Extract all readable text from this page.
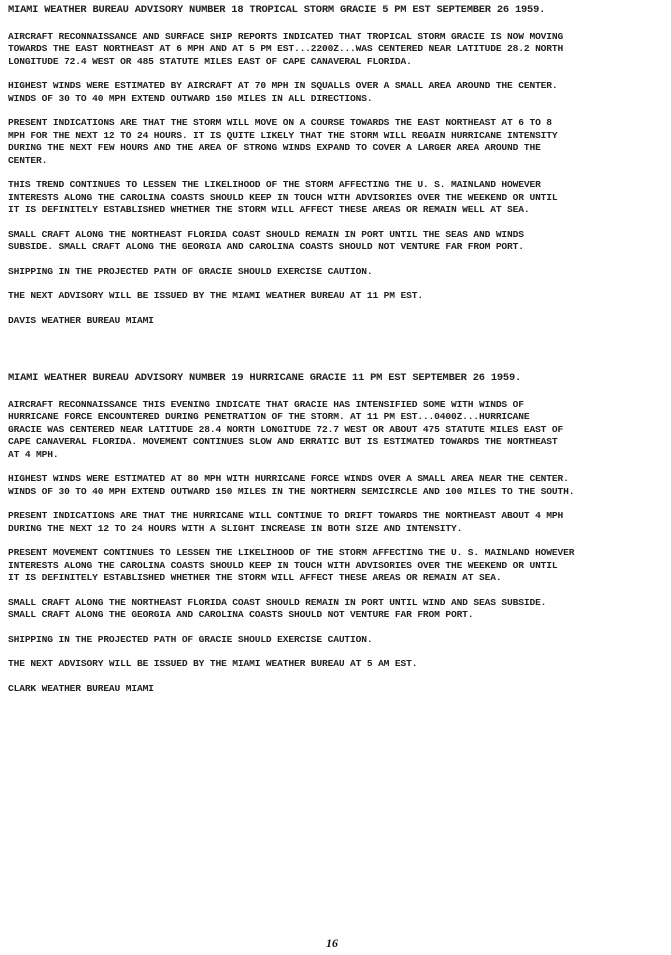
MIAMI WEATHER BUREAU ADVISORY NUMBER 18 TROPICAL STORM GRACIE 5 PM EST SEPTEMBER 26 1959.

AIRCRAFT RECONNAISSANCE AND SURFACE SHIP REPORTS INDICATED THAT TROPICAL STORM GRACIE IS NOW MOVING
TOWARDS THE EAST NORTHEAST AT 6 MPH AND AT 5 PM EST...2200Z...WAS CENTERED NEAR LATITUDE 28.2 NORTH
LONGITUDE 72.4 WEST OR 485 STATUTE MILES EAST OF CAPE CANAVERAL FLORIDA.

HIGHEST WINDS WERE ESTIMATED BY AIRCRAFT AT 70 MPH IN SQUALLS OVER A SMALL AREA AROUND THE CENTER.
WINDS OF 30 TO 40 MPH EXTEND OUTWARD 150 MILES IN ALL DIRECTIONS.

PRESENT INDICATIONS ARE THAT THE STORM WILL MOVE ON A COURSE TOWARDS THE EAST NORTHEAST AT 6 TO 8
MPH FOR THE NEXT 12 TO 24 HOURS. IT IS QUITE LIKELY THAT THE STORM WILL REGAIN HURRICANE INTENSITY
DURING THE NEXT FEW HOURS AND THE AREA OF STRONG WINDS EXPAND TO COVER A LARGER AREA AROUND THE
CENTER.

THIS TREND CONTINUES TO LESSEN THE LIKELIHOOD OF THE STORM AFFECTING THE U. S. MAINLAND HOWEVER
INTERESTS ALONG THE CAROLINA COASTS SHOULD KEEP IN TOUCH WITH ADVISORIES OVER THE WEEKEND OR UNTIL
IT IS DEFINITELY ESTABLISHED WHETHER THE STORM WILL AFFECT THESE AREAS OR REMAIN WELL AT SEA.

SMALL CRAFT ALONG THE NORTHEAST FLORIDA COAST SHOULD REMAIN IN PORT UNTIL THE SEAS AND WINDS
SUBSIDE. SMALL CRAFT ALONG THE GEORGIA AND CAROLINA COASTS SHOULD NOT VENTURE FAR FROM PORT.

SHIPPING IN THE PROJECTED PATH OF GRACIE SHOULD EXERCISE CAUTION.

THE NEXT ADVISORY WILL BE ISSUED BY THE MIAMI WEATHER BUREAU AT 11 PM EST.

DAVIS WEATHER BUREAU MIAMI

MIAMI WEATHER BUREAU ADVISORY NUMBER 19 HURRICANE GRACIE 11 PM EST SEPTEMBER 26 1959.

AIRCRAFT RECONNAISSANCE THIS EVENING INDICATE THAT GRACIE HAS INTENSIFIED SOME WITH WINDS OF
HURRICANE FORCE ENCOUNTERED DURING PENETRATION OF THE STORM. AT 11 PM EST...0400Z...HURRICANE
GRACIE WAS CENTERED NEAR LATITUDE 28.4 NORTH LONGITUDE 72.7 WEST OR ABOUT 475 STATUTE MILES EAST OF
CAPE CANAVERAL FLORIDA. MOVEMENT CONTINUES SLOW AND ERRATIC BUT IS ESTIMATED TOWARDS THE NORTHEAST
AT 4 MPH.

HIGHEST WINDS WERE ESTIMATED AT 80 MPH WITH HURRICANE FORCE WINDS OVER A SMALL AREA NEAR THE CENTER.
WINDS OF 30 TO 40 MPH EXTEND OUTWARD 150 MILES IN THE NORTHERN SEMICIRCLE AND 100 MILES TO THE SOUTH.

PRESENT INDICATIONS ARE THAT THE HURRICANE WILL CONTINUE TO DRIFT TOWARDS THE NORTHEAST ABOUT 4 MPH
DURING THE NEXT 12 TO 24 HOURS WITH A SLIGHT INCREASE IN BOTH SIZE AND INTENSITY.

PRESENT MOVEMENT CONTINUES TO LESSEN THE LIKELIHOOD OF THE STORM AFFECTING THE U. S. MAINLAND HOWEVER
INTERESTS ALONG THE CAROLINA COASTS SHOULD KEEP IN TOUCH WITH ADVISORIES OVER THE WEEKEND OR UNTIL
IT IS DEFINITELY ESTABLISHED WHETHER THE STORM WILL AFFECT THESE AREAS OR REMAIN AT SEA.

SMALL CRAFT ALONG THE NORTHEAST FLORIDA COAST SHOULD REMAIN IN PORT UNTIL WIND AND SEAS SUBSIDE.
SMALL CRAFT ALONG THE GEORGIA AND CAROLINA COASTS SHOULD NOT VENTURE FAR FROM PORT.

SHIPPING IN THE PROJECTED PATH OF GRACIE SHOULD EXERCISE CAUTION.

THE NEXT ADVISORY WILL BE ISSUED BY THE MIAMI WEATHER BUREAU AT 5 AM EST.

CLARK WEATHER BUREAU MIAMI

16
